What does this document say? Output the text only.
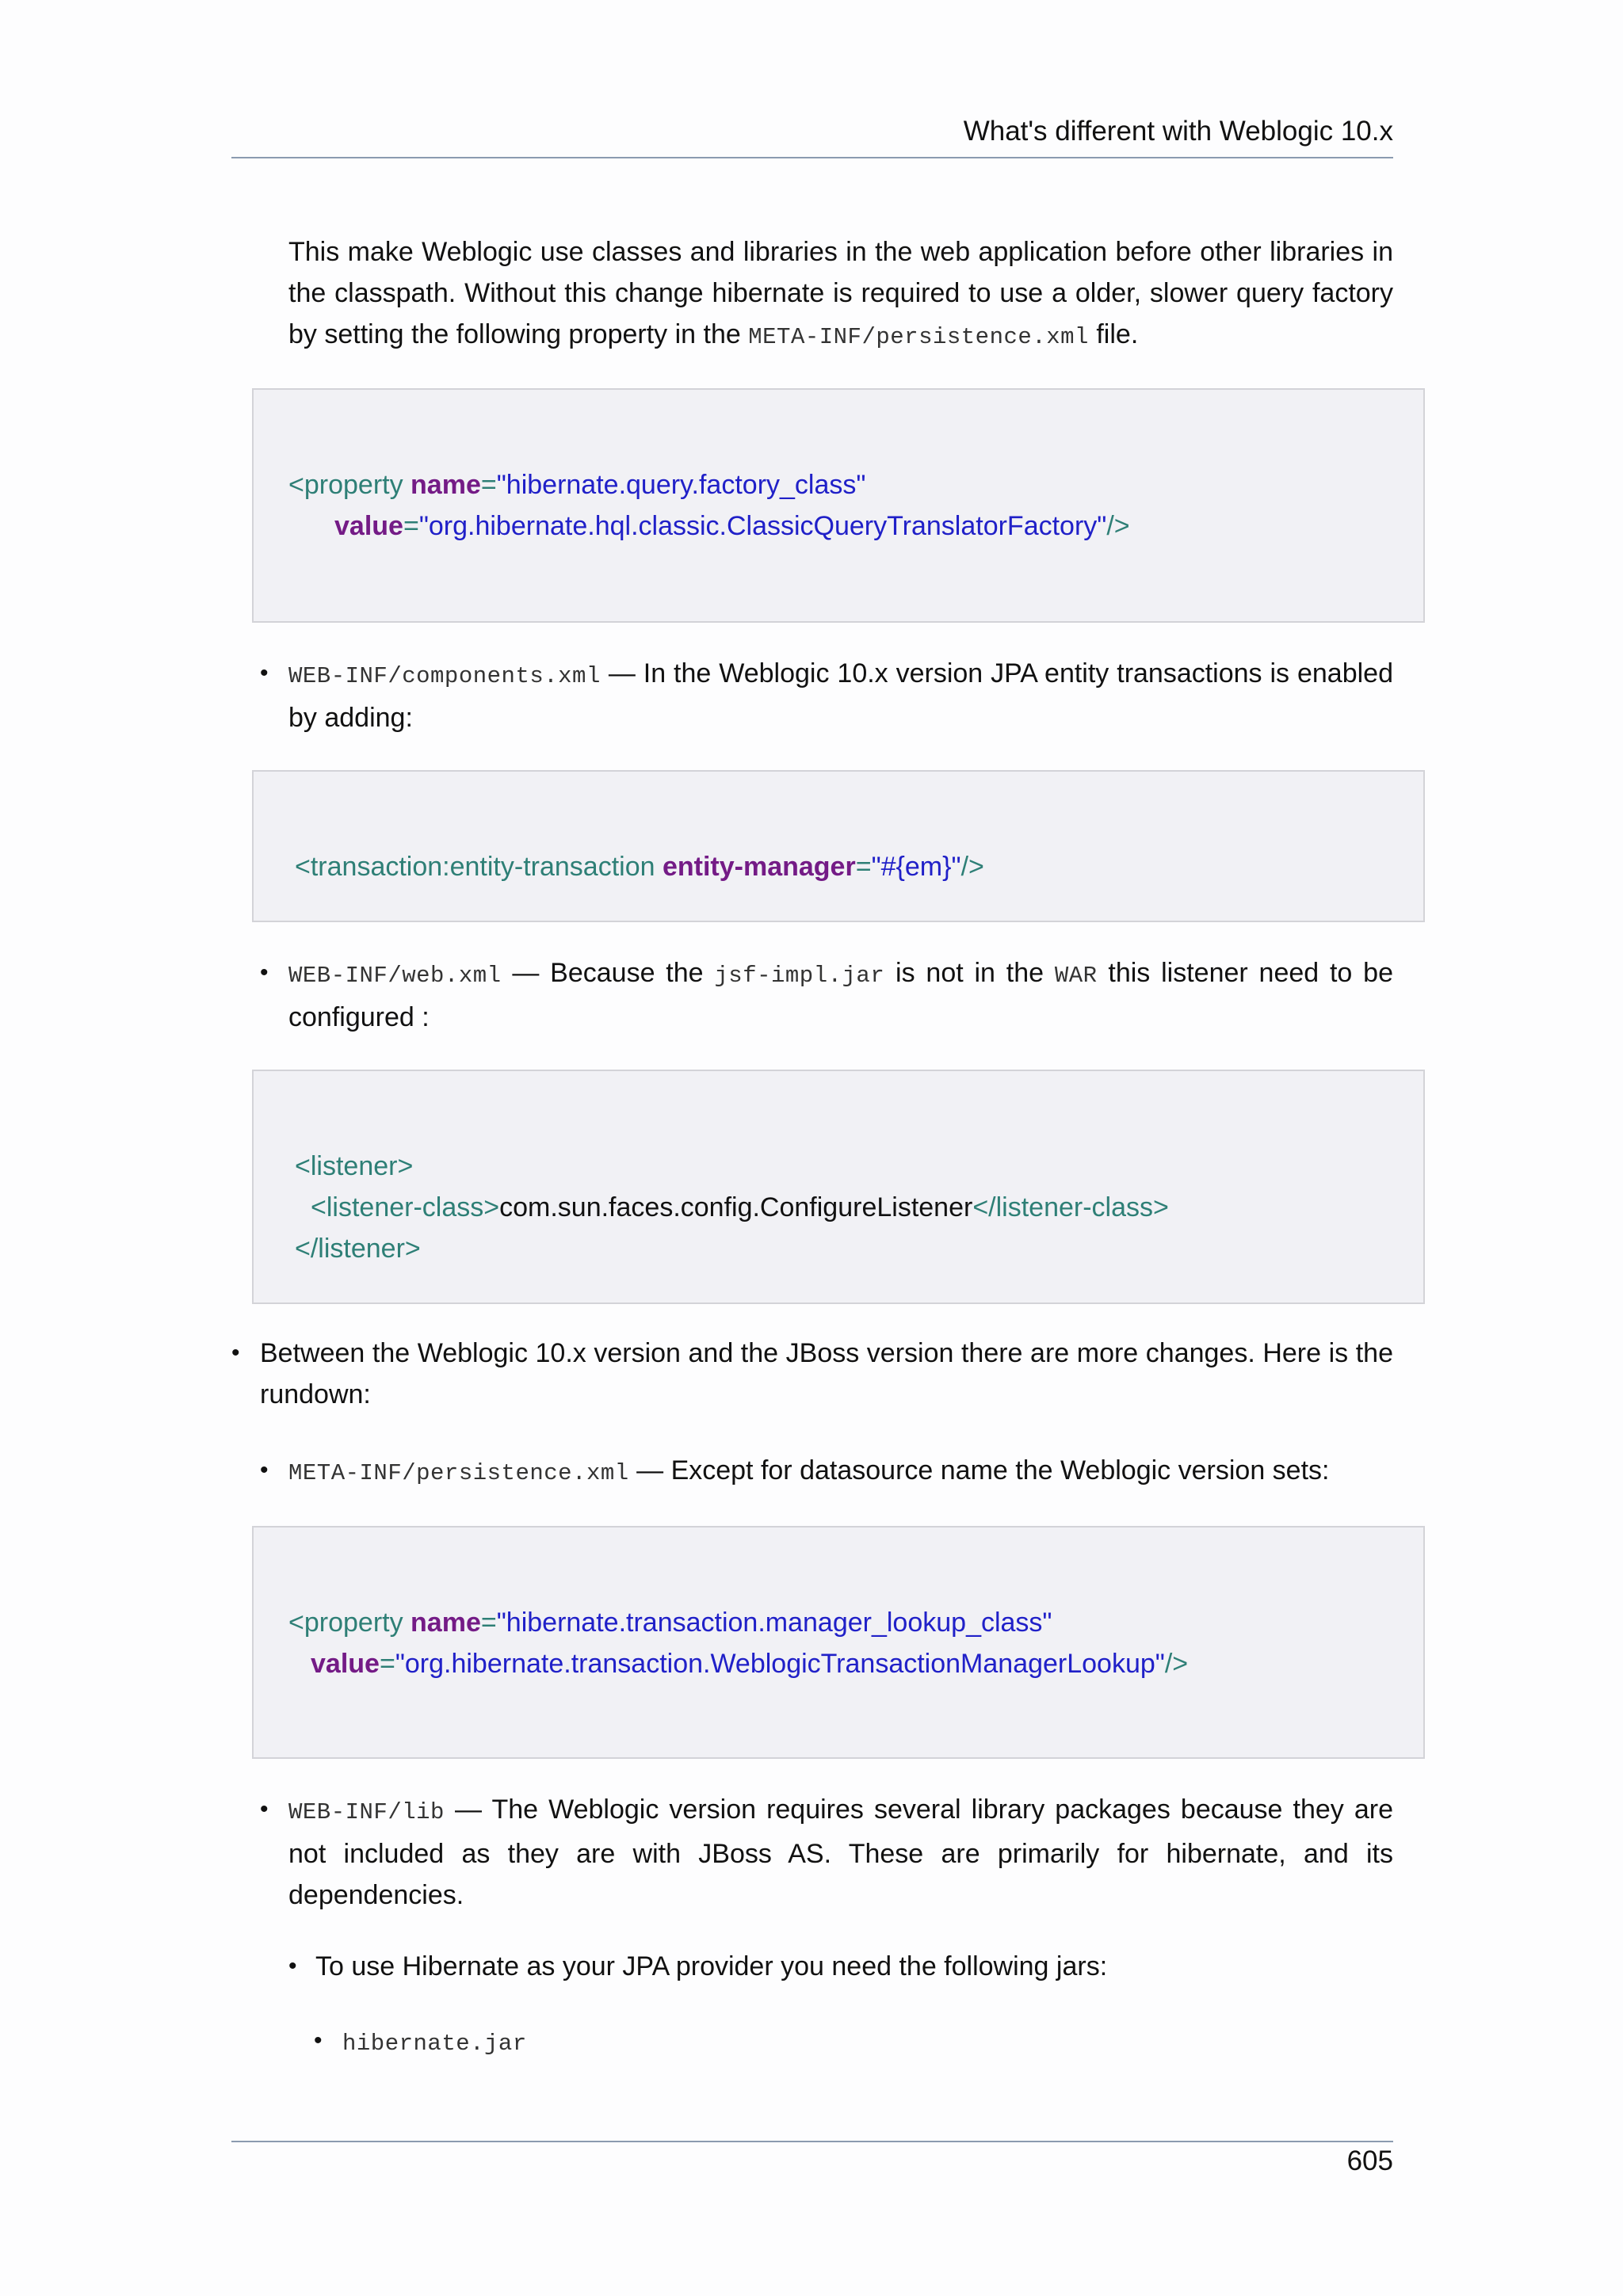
What's different with Weblogic 10.x
This make Weblogic use classes and libraries in the web application before other libraries in the classpath. Without this change hibernate is required to use a older, slower query factory by setting the following property in the META-INF/persistence.xml file.
<property name="hibernate.query.factory_class"
value="org.hibernate.hql.classic.ClassicQueryTranslatorFactory"/>
• WEB-INF/components.xml — In the Weblogic 10.x version JPA entity transactions is enabled by adding:
<transaction:entity-transaction entity-manager="#{em}"/>
• WEB-INF/web.xml — Because the jsf-impl.jar is not in the WAR this listener need to be configured :
<listener>
<listener-class>com.sun.faces.config.ConfigureListener</listener-class>
</listener>
• Between the Weblogic 10.x version and the JBoss version there are more changes. Here is the rundown:
• META-INF/persistence.xml — Except for datasource name the Weblogic version sets:
<property name="hibernate.transaction.manager_lookup_class"
value="org.hibernate.transaction.WeblogicTransactionManagerLookup"/>
• WEB-INF/lib — The Weblogic version requires several library packages because they are not included as they are with JBoss AS. These are primarily for hibernate, and its dependencies.
• To use Hibernate as your JPA provider you need the following jars:
• hibernate.jar
605
